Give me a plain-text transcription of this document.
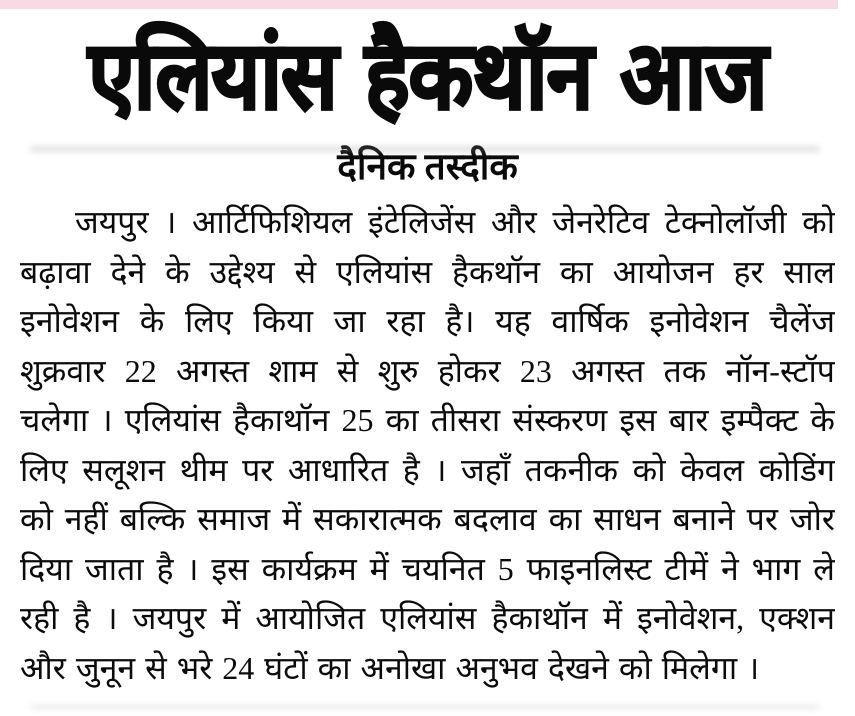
एलियांस हैकथॉन आज
दैनिक तस्दीक
जयपुर । आर्टिफिशियल इंटेलिजेंस और जेनरेटिव टेक्नोलॉजी को
बढ़ावा देने के उद्देश्य से एलियांस हैकथॉन का आयोजन हर साल
इनोवेशन के लिए किया जा रहा है। यह वार्षिक इनोवेशन चैलेंज
शुक्रवार 22 अगस्त शाम से शुरु होकर 23 अगस्त तक नॉन-स्टॉप
चलेगा । एलियांस हैकाथॉन 25 का तीसरा संस्करण इस बार इम्पैक्ट के
लिए सलूशन थीम पर आधारित है । जहाँ तकनीक को केवल कोडिंग
को नहीं बल्कि समाज में सकारात्मक बदलाव का साधन बनाने पर जोर
दिया जाता है । इस कार्यक्रम में चयनित 5 फाइनलिस्ट टीमें ने भाग ले
रही है । जयपुर में आयोजित एलियांस हैकाथॉन में इनोवेशन, एक्शन
और जुनून से भरे 24 घंटों का अनोखा अनुभव देखने को मिलेगा ।
